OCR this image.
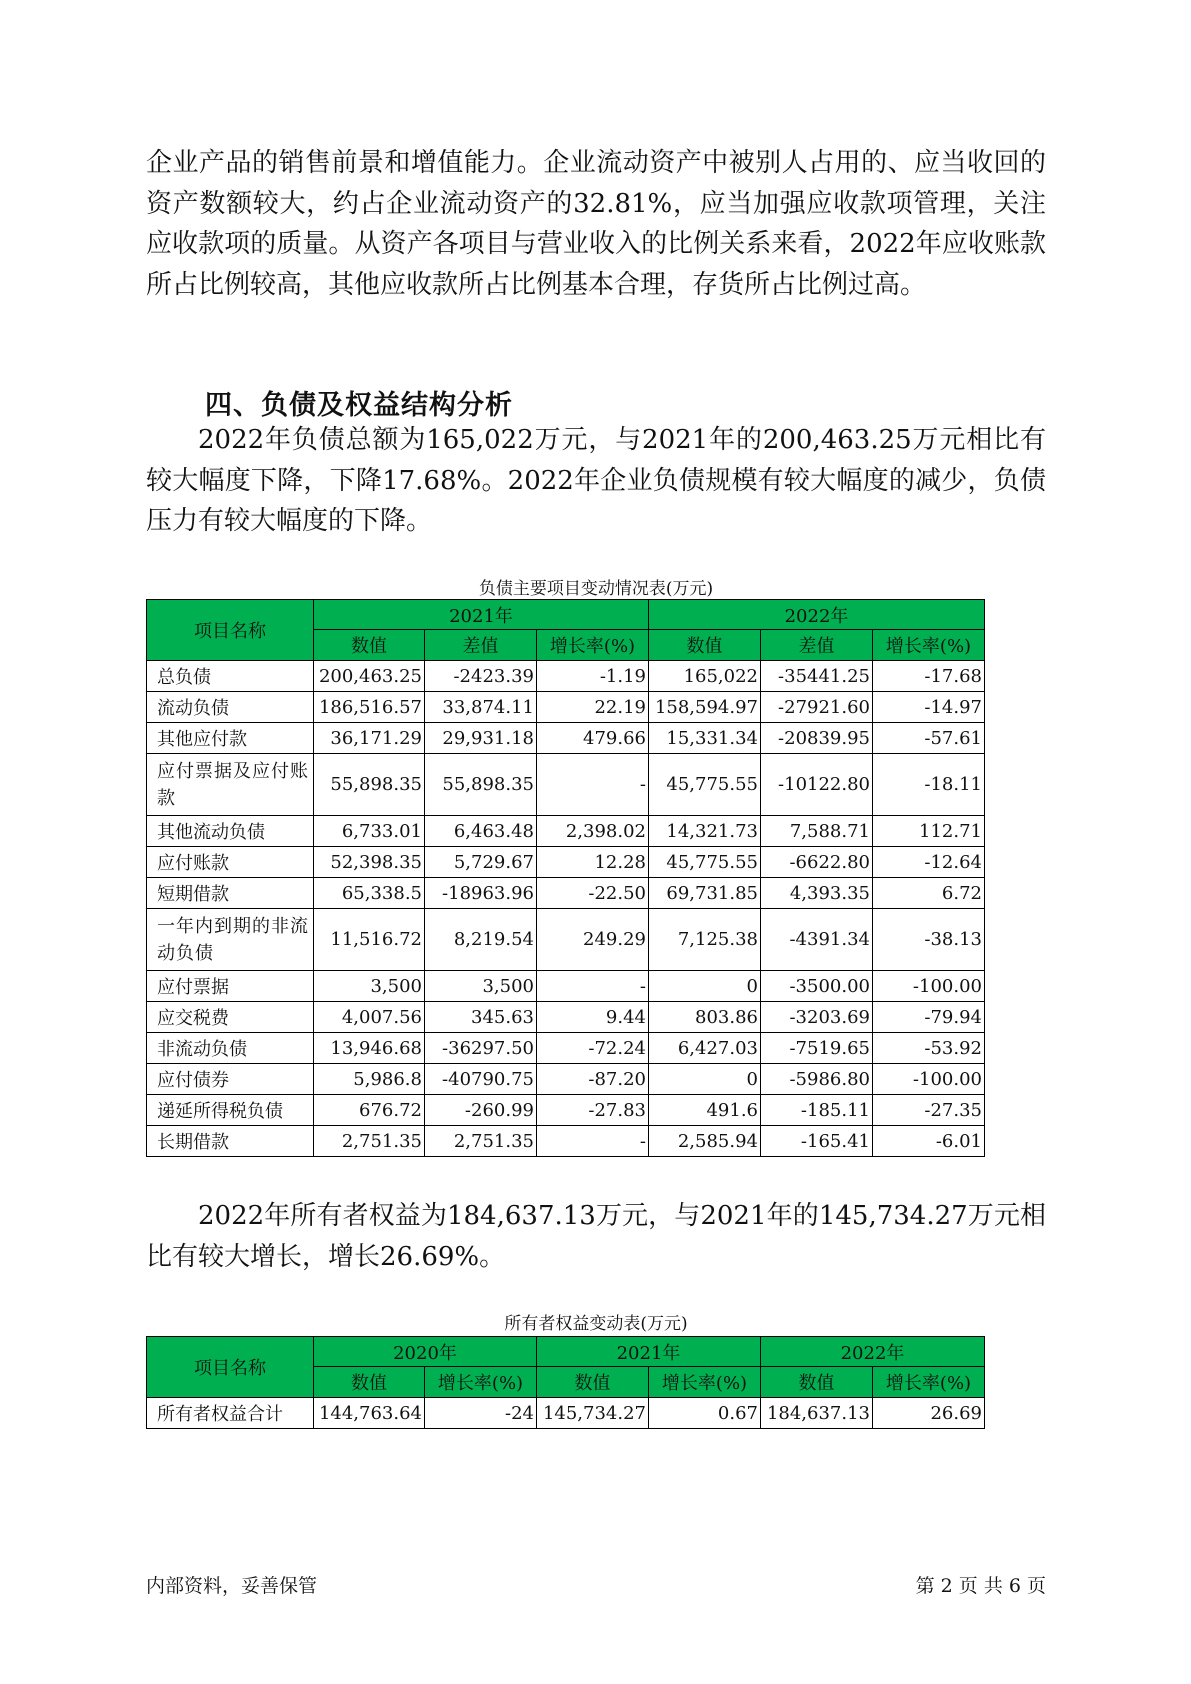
企业产品的销售前景和增值能力。企业流动资产中被别人占用的、应当收回的资产数额较大，约占企业流动资产的32.81%，应当加强应收款项管理，关注应收款项的质量。从资产各项目与营业收入的比例关系来看，2022年应收账款所占比例较高，其他应收款所占比例基本合理，存货所占比例过高。

四、负债及权益结构分析

2022年负债总额为165,022万元，与2021年的200,463.25万元相比有较大幅度下降，下降17.68%。2022年企业负债规模有较大幅度的减少，负债压力有较大幅度的下降。

负债主要项目变动情况表(万元)
项目名称	2021年			2022年		
	数值	差值	增长率(%)	数值	差值	增长率(%)
总负债	200,463.25	-2423.39	-1.19	165,022	-35441.25	-17.68
流动负债	186,516.57	33,874.11	22.19	158,594.97	-27921.60	-14.97
其他应付款	36,171.29	29,931.18	479.66	15,331.34	-20839.95	-57.61
应付票据及应付账款	55,898.35	55,898.35	-	45,775.55	-10122.80	-18.11
其他流动负债	6,733.01	6,463.48	2,398.02	14,321.73	7,588.71	112.71
应付账款	52,398.35	5,729.67	12.28	45,775.55	-6622.80	-12.64
短期借款	65,338.5	-18963.96	-22.50	69,731.85	4,393.35	6.72
一年内到期的非流动负债	11,516.72	8,219.54	249.29	7,125.38	-4391.34	-38.13
应付票据	3,500	3,500	-	0	-3500.00	-100.00
应交税费	4,007.56	345.63	9.44	803.86	-3203.69	-79.94
非流动负债	13,946.68	-36297.50	-72.24	6,427.03	-7519.65	-53.92
应付债券	5,986.8	-40790.75	-87.20	0	-5986.80	-100.00
递延所得税负债	676.72	-260.99	-27.83	491.6	-185.11	-27.35
长期借款	2,751.35	2,751.35	-	2,585.94	-165.41	-6.01

2022年所有者权益为184,637.13万元，与2021年的145,734.27万元相比有较大增长，增长26.69%。

所有者权益变动表(万元)
项目名称	2020年		2021年		2022年	
	数值	增长率(%)	数值	增长率(%)	数值	增长率(%)
所有者权益合计	144,763.64	-24	145,734.27	0.67	184,637.13	26.69
内部资料，妥善保管	第 2 页 共 6 页
